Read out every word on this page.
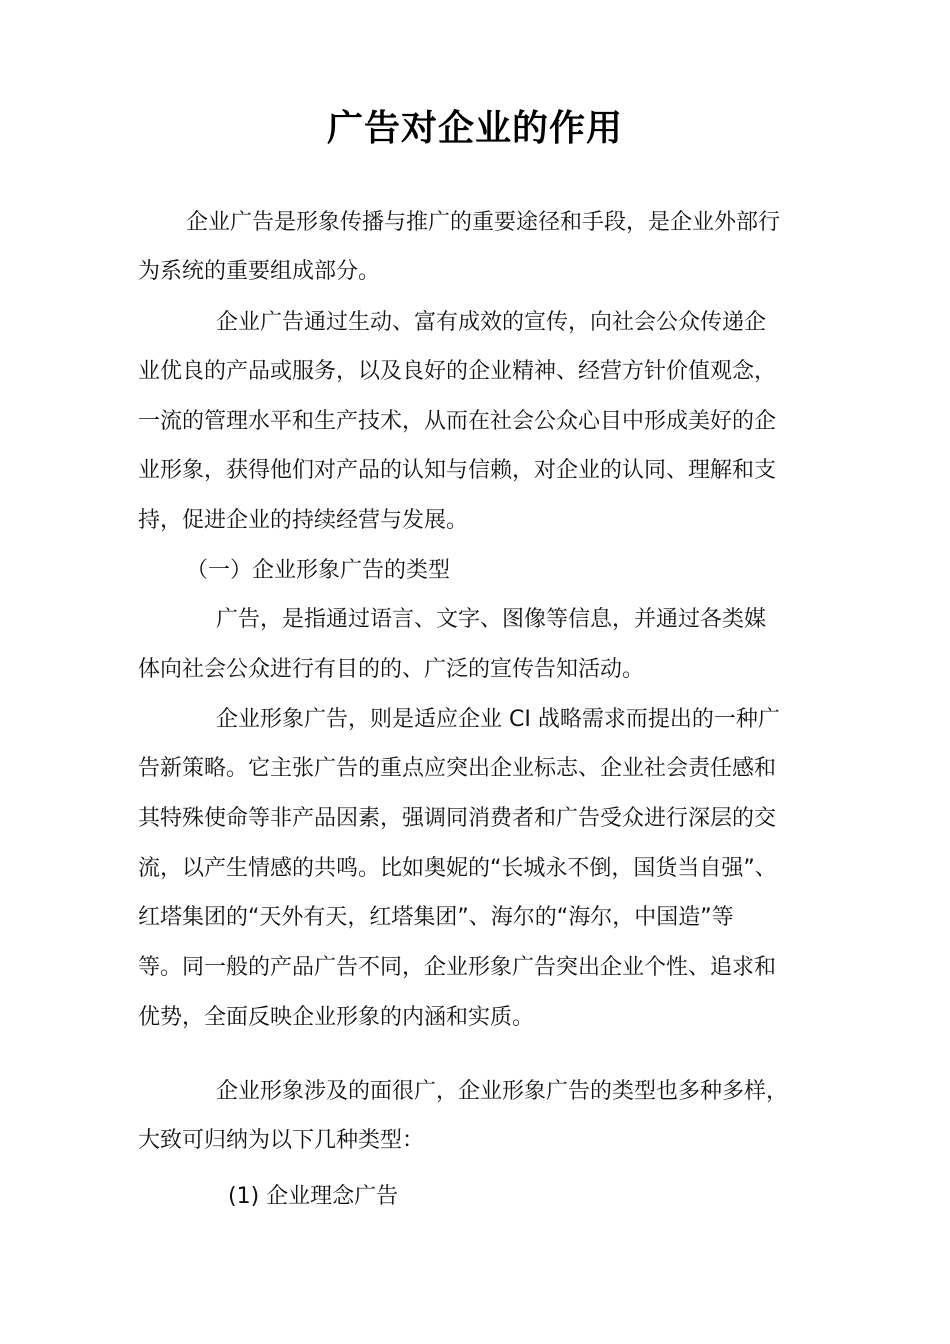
广告对企业的作用
企业广告是形象传播与推广的重要途径和手段，是企业外部行
为系统的重要组成部分。
企业广告通过生动、富有成效的宣传，向社会公众传递企
业优良的产品或服务，以及良好的企业精神、经营方针价值观念，
一流的管理水平和生产技术，从而在社会公众心目中形成美好的企
业形象，获得他们对产品的认知与信赖，对企业的认同、理解和支
持，促进企业的持续经营与发展。
（一）企业形象广告的类型
广告，是指通过语言、文字、图像等信息，并通过各类媒
体向社会公众进行有目的的、广泛的宣传告知活动。
企业形象广告，则是适应企业 CI 战略需求而提出的一种广
告新策略。它主张广告的重点应突出企业标志、企业社会责任感和
其特殊使命等非产品因素，强调同消费者和广告受众进行深层的交
流，以产生情感的共鸣。比如奥妮的“长城永不倒，国货当自强”、
红塔集团的“天外有天，红塔集团”、海尔的“海尔，中国造”等
等。同一般的产品广告不同，企业形象广告突出企业个性、追求和
优势，全面反映企业形象的内涵和实质。
企业形象涉及的面很广，企业形象广告的类型也多种多样，
大致可归纳为以下几种类型：
(1) 企业理念广告
